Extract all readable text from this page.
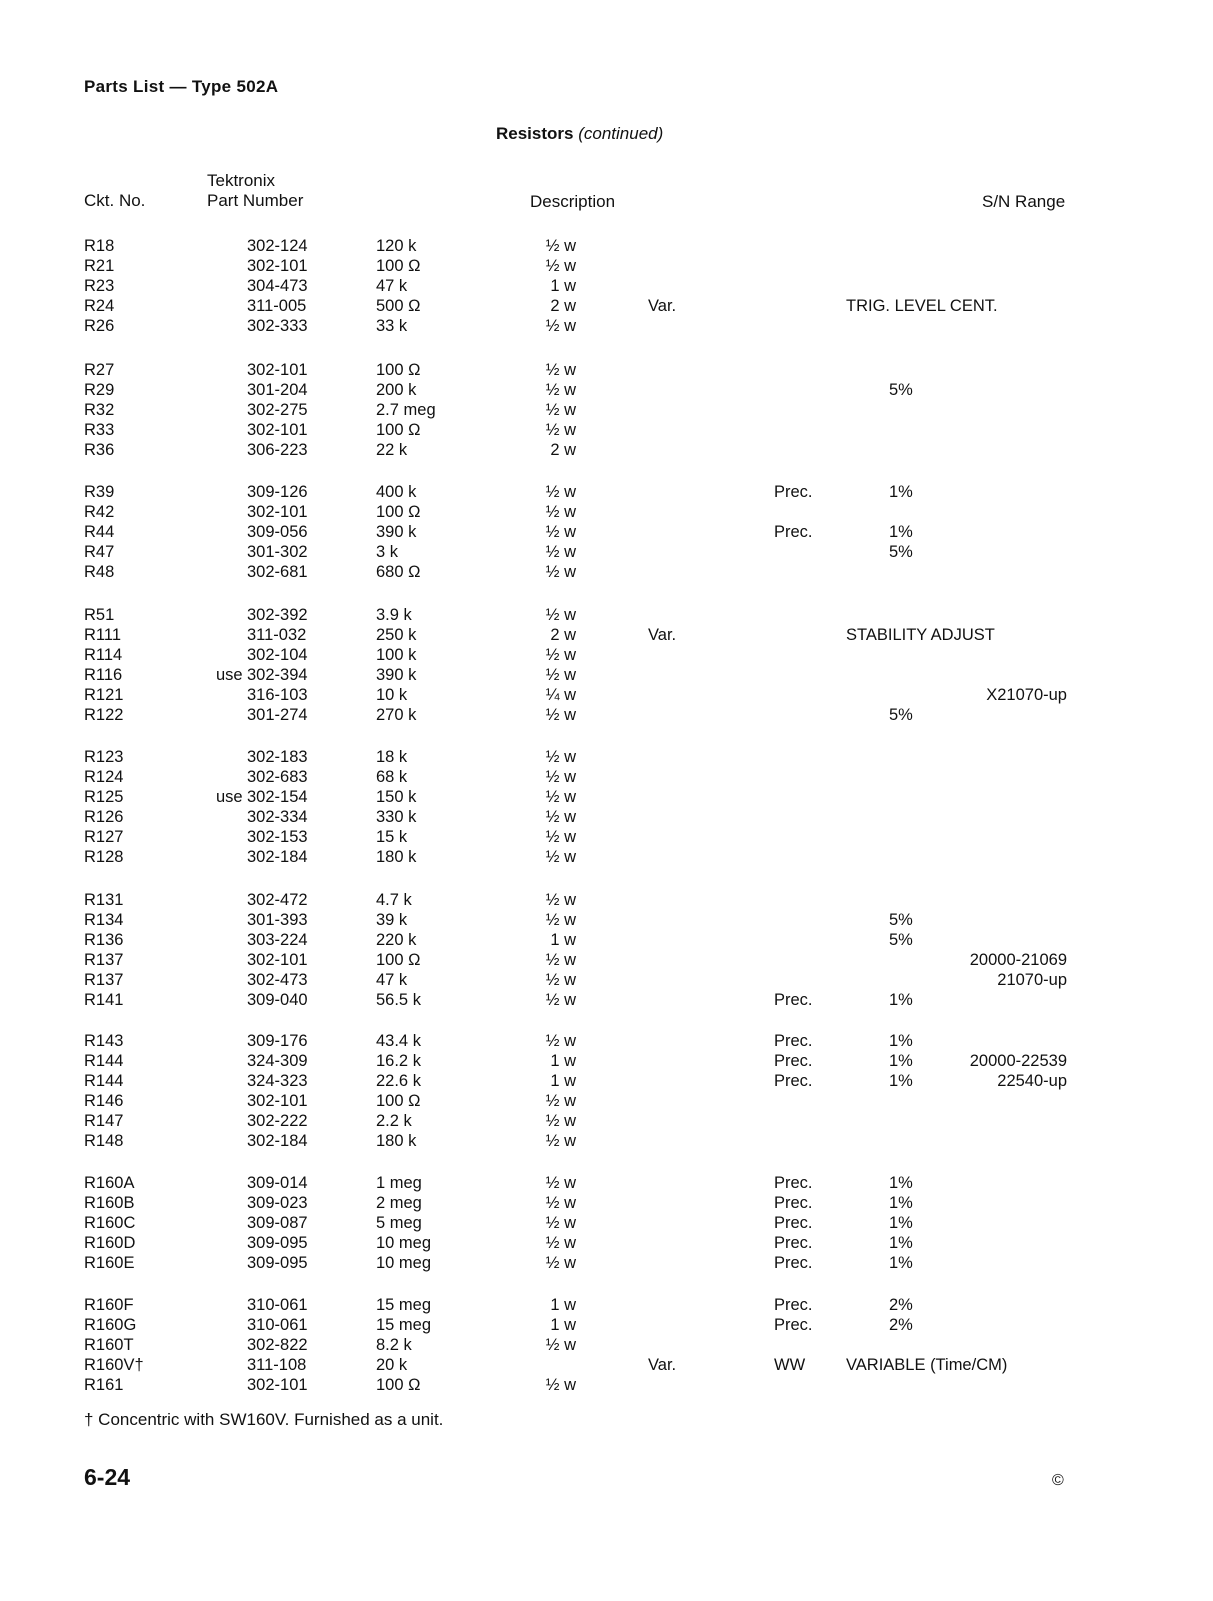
Parts List — Type 502A
Resistors (continued)
Tektronix
Ckt. No.	Part Number	Description	S/N Range
R18	302-124	120 k	½ w
R21	302-101	100 Ω	½ w
R23	304-473	47 k	1 w
R24	311-005	500 Ω	2 w	Var.	TRIG. LEVEL CENT.
R26	302-333	33 k	½ w
R27	302-101	100 Ω	½ w
R29	301-204	200 k	½ w	5%
R32	302-275	2.7 meg	½ w
R33	302-101	100 Ω	½ w
R36	306-223	22 k	2 w
R39	309-126	400 k	½ w	Prec.	1%
R42	302-101	100 Ω	½ w
R44	309-056	390 k	½ w	Prec.	1%
R47	301-302	3 k	½ w	5%
R48	302-681	680 Ω	½ w
R51	302-392	3.9 k	½ w
R111	311-032	250 k	2 w	Var.	STABILITY ADJUST
R114	302-104	100 k	½ w
R116	use 302-394	390 k	½ w
R121	316-103	10 k	¼ w	X21070-up
R122	301-274	270 k	½ w	5%
R123	302-183	18 k	½ w
R124	302-683	68 k	½ w
R125	use 302-154	150 k	½ w
R126	302-334	330 k	½ w
R127	302-153	15 k	½ w
R128	302-184	180 k	½ w
R131	302-472	4.7 k	½ w
R134	301-393	39 k	½ w	5%
R136	303-224	220 k	1 w	5%
R137	302-101	100 Ω	½ w	20000-21069
R137	302-473	47 k	½ w	21070-up
R141	309-040	56.5 k	½ w	Prec.	1%
R143	309-176	43.4 k	½ w	Prec.	1%
R144	324-309	16.2 k	1 w	Prec.	1%	20000-22539
R144	324-323	22.6 k	1 w	Prec.	1%	22540-up
R146	302-101	100 Ω	½ w
R147	302-222	2.2 k	½ w
R148	302-184	180 k	½ w
R160A	309-014	1 meg	½ w	Prec.	1%
R160B	309-023	2 meg	½ w	Prec.	1%
R160C	309-087	5 meg	½ w	Prec.	1%
R160D	309-095	10 meg	½ w	Prec.	1%
R160E	309-095	10 meg	½ w	Prec.	1%
R160F	310-061	15 meg	1 w	Prec.	2%
R160G	310-061	15 meg	1 w	Prec.	2%
R160T	302-822	8.2 k	½ w
R160V†	311-108	20 k	Var.	WW VARIABLE (Time/CM)
R161	302-101	100 Ω	½ w
† Concentric with SW160V. Furnished as a unit.
6-24	©
